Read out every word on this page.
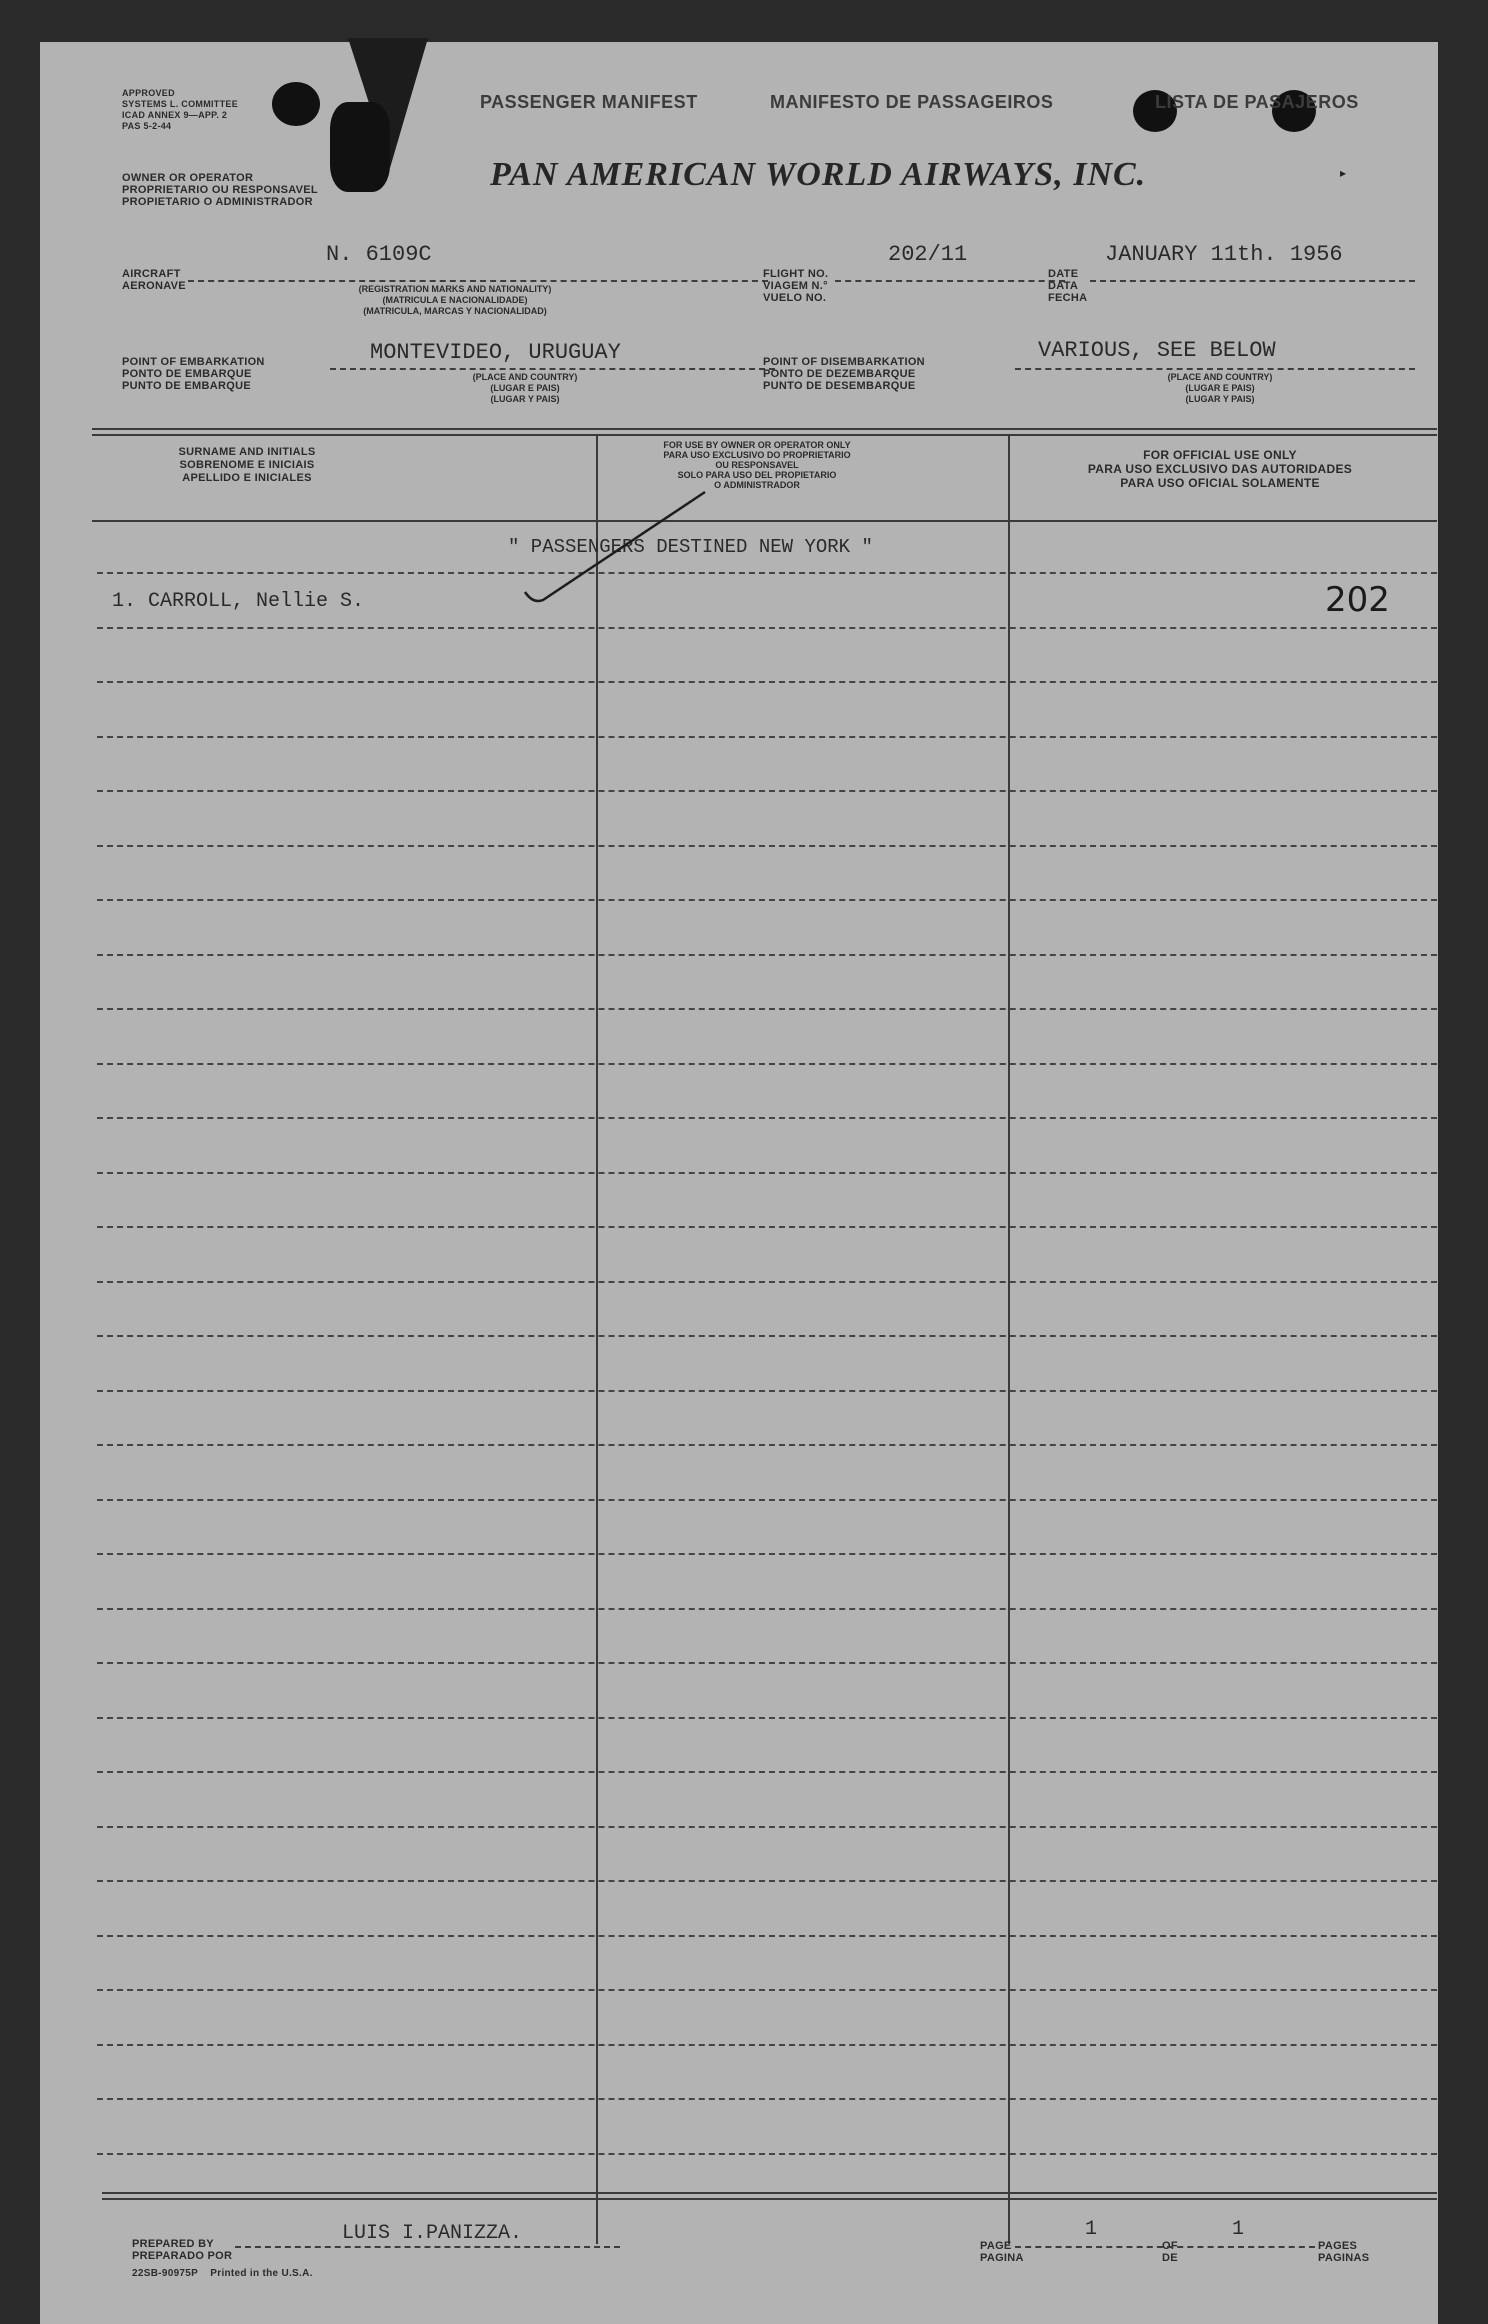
APPROVED
SYSTEMS L. COMMITTEE
ICAD ANNEX 9—APP. 2
PAS 5-2-44
PASSENGER MANIFEST	MANIFESTO DE PASSAGEIROS	LISTA DE PASAJEROS
OWNER OR OPERATOR
PROPRIETARIO OU RESPONSAVEL
PROPIETARIO O ADMINISTRADOR
PAN AMERICAN WORLD AIRWAYS, INC.	▸
AIRCRAFT
AERONAVE
N. 6109C
(REGISTRATION MARKS AND NATIONALITY)
(MATRICULA E NACIONALIDADE)
(MATRICULA, MARCAS Y NACIONALIDAD)
FLIGHT NO.
VIAGEM N.°
VUELO NO.
202/11
DATE
DATA
FECHA
JANUARY 11th. 1956
POINT OF EMBARKATION
PONTO DE EMBARQUE
PUNTO DE EMBARQUE
MONTEVIDEO, URUGUAY
(PLACE AND COUNTRY)
(LUGAR E PAIS)
(LUGAR Y PAIS)
POINT OF DISEMBARKATION
PONTO DE DEZEMBARQUE
PUNTO DE DESEMBARQUE
VARIOUS, SEE BELOW
(PLACE AND COUNTRY)
(LUGAR E PAIS)
(LUGAR Y PAIS)
SURNAME AND INITIALS
SOBRENOME E INICIAIS
APELLIDO E INICIALES
FOR USE BY OWNER OR OPERATOR ONLY
PARA USO EXCLUSIVO DO PROPRIETARIO
OU RESPONSAVEL
SOLO PARA USO DEL PROPIETARIO
O ADMINISTRADOR
FOR OFFICIAL USE ONLY
PARA USO EXCLUSIVO DAS AUTORIDADES
PARA USO OFICIAL SOLAMENTE
" PASSENGERS DESTINED NEW YORK "
1. CARROLL, Nellie S.	202
PREPARED BY
PREPARADO POR
LUIS I.PANIZZA.
PAGE
PAGINA
1
OF
DE
1
PAGES
PAGINAS
22SB-90975P Printed in the U.S.A.
